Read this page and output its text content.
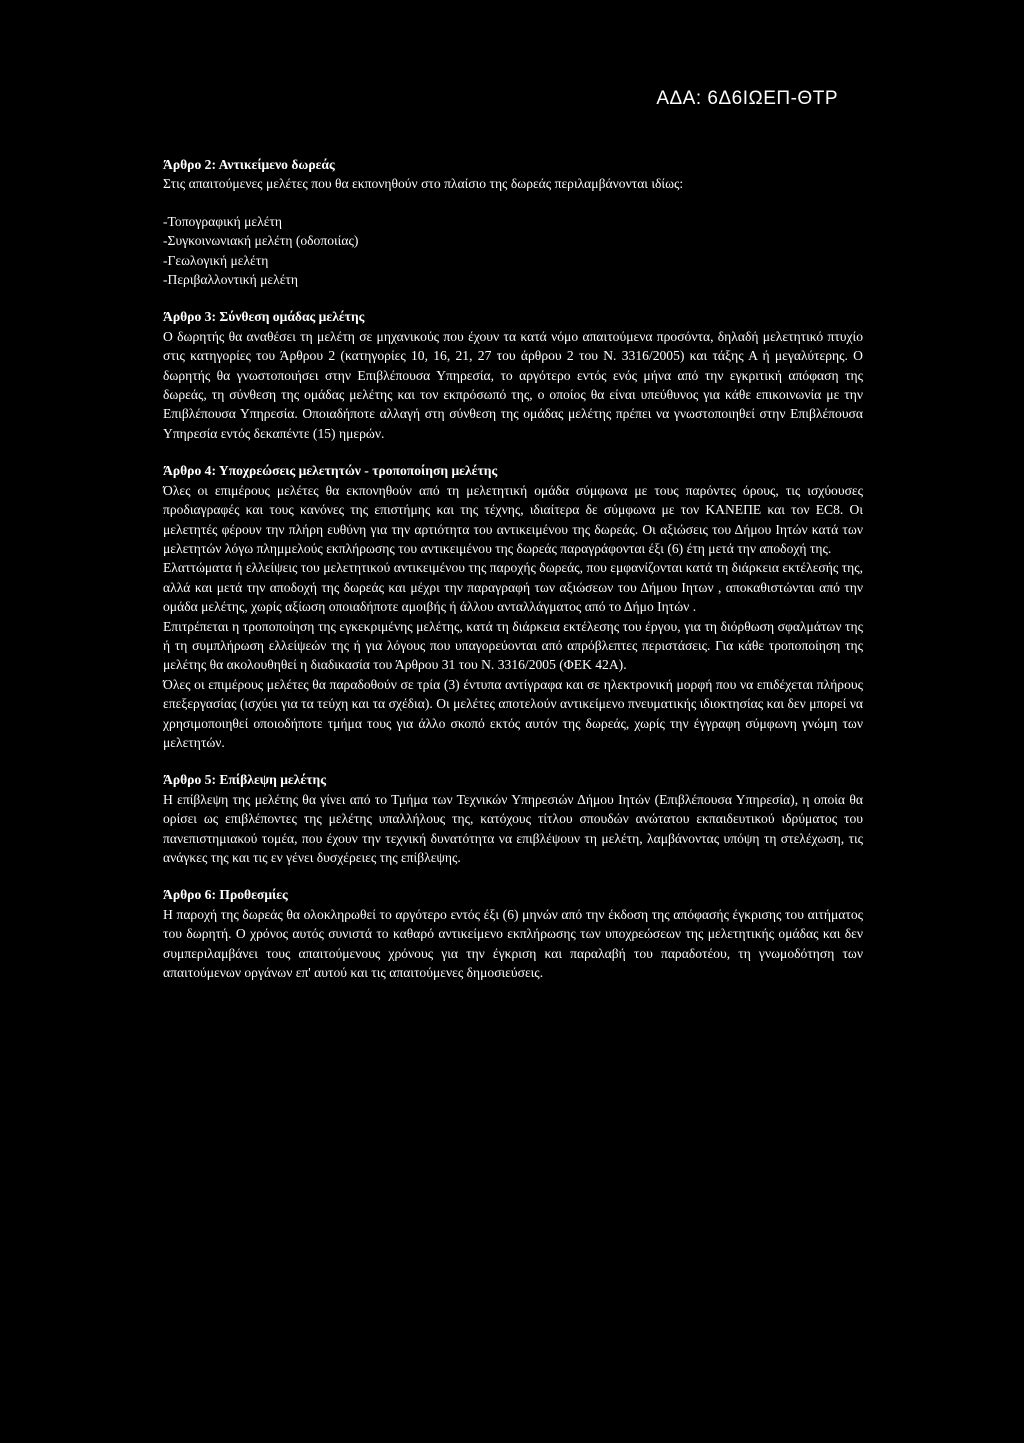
ΑΔΑ: 6Δ6ΙΩΕΠ-ΘΤΡ
Άρθρο 2: Αντικείμενο δωρεάς
Στις απαιτούμενες μελέτες που θα εκπονηθούν στο πλαίσιο της δωρεάς περιλαμβάνονται ιδίως:
-Τοπογραφική μελέτη
-Συγκοινωνιακή μελέτη (οδοποιίας)
-Γεωλογική μελέτη
-Περιβαλλοντική μελέτη
Άρθρο 3: Σύνθεση ομάδας μελέτης
Ο δωρητής θα αναθέσει τη μελέτη σε μηχανικούς που έχουν τα κατά νόμο απαιτούμενα προσόντα, δηλαδή μελετητικό πτυχίο στις κατηγορίες του Άρθρου 2 (κατηγορίες 10, 16, 21, 27 του άρθρου 2 του Ν. 3316/2005) και τάξης Α ή μεγαλύτερης. Ο δωρητής θα γνωστοποιήσει στην Επιβλέπουσα Υπηρεσία, το αργότερο εντός ενός μήνα από την εγκριτική απόφαση της δωρεάς, τη σύνθεση της ομάδας μελέτης και τον εκπρόσωπό της, ο οποίος θα είναι υπεύθυνος για κάθε επικοινωνία με την Επιβλέπουσα Υπηρεσία. Οποιαδήποτε αλλαγή στη σύνθεση της ομάδας μελέτης πρέπει να γνωστοποιηθεί στην Επιβλέπουσα Υπηρεσία εντός δεκαπέντε (15) ημερών.
Άρθρο 4: Υποχρεώσεις μελετητών - τροποποίηση μελέτης
Όλες οι επιμέρους μελέτες θα εκπονηθούν από τη μελετητική ομάδα σύμφωνα με τους παρόντες όρους, τις ισχύουσες προδιαγραφές και τους κανόνες της επιστήμης και της τέχνης, ιδιαίτερα δε σύμφωνα με τον ΚΑΝΕΠΕ και τον EC8. Οι μελετητές φέρουν την πλήρη ευθύνη για την αρτιότητα του αντικειμένου της δωρεάς. Οι αξιώσεις του Δήμου Ιητών κατά των μελετητών λόγω πλημμελούς εκπλήρωσης του αντικειμένου της δωρεάς παραγράφονται έξι (6) έτη μετά την αποδοχή της.
Ελαττώματα ή ελλείψεις του μελετητικού αντικειμένου της παροχής δωρεάς, που εμφανίζονται κατά τη διάρκεια εκτέλεσής της, αλλά και μετά την αποδοχή της δωρεάς και μέχρι την παραγραφή των αξιώσεων του Δήμου Ιητων , αποκαθιστώνται από την ομάδα μελέτης, χωρίς αξίωση οποιαδήποτε αμοιβής ή άλλου ανταλλάγματος από το Δήμο Ιητών .
Επιτρέπεται η τροποποίηση της εγκεκριμένης μελέτης, κατά τη διάρκεια εκτέλεσης του έργου, για τη διόρθωση σφαλμάτων της ή τη συμπλήρωση ελλείψεών της ή για λόγους που υπαγορεύονται από απρόβλεπτες περιστάσεις. Για κάθε τροποποίηση της μελέτης θα ακολουθηθεί η διαδικασία του Άρθρου 31 του Ν. 3316/2005 (ΦΕΚ 42Α).
Όλες οι επιμέρους μελέτες θα παραδοθούν σε τρία (3) έντυπα αντίγραφα και σε ηλεκτρονική μορφή που να επιδέχεται πλήρους επεξεργασίας (ισχύει για τα τεύχη και τα σχέδια). Οι μελέτες αποτελούν αντικείμενο πνευματικής ιδιοκτησίας και δεν μπορεί να χρησιμοποιηθεί οποιοδήποτε τμήμα τους για άλλο σκοπό εκτός αυτόν της δωρεάς, χωρίς την έγγραφη σύμφωνη γνώμη των μελετητών.
Άρθρο 5: Επίβλεψη μελέτης
Η επίβλεψη της μελέτης θα γίνει από το Τμήμα των Τεχνικών Υπηρεσιών Δήμου Ιητών (Επιβλέπουσα Υπηρεσία), η οποία θα ορίσει ως επιβλέποντες της μελέτης υπαλλήλους της, κατόχους τίτλου σπουδών ανώτατου εκπαιδευτικού ιδρύματος του πανεπιστημιακού τομέα, που έχουν την τεχνική δυνατότητα να επιβλέψουν τη μελέτη, λαμβάνοντας υπόψη τη στελέχωση, τις ανάγκες της και τις εν γένει δυσχέρειες της επίβλεψης.
Άρθρο 6: Προθεσμίες
Η παροχή της δωρεάς θα ολοκληρωθεί το αργότερο εντός έξι (6) μηνών από την έκδοση της απόφασής έγκρισης του αιτήματος του δωρητή. Ο χρόνος αυτός συνιστά το καθαρό αντικείμενο εκπλήρωσης των υποχρεώσεων της μελετητικής ομάδας και δεν συμπεριλαμβάνει τους απαιτούμενους χρόνους για την έγκριση και παραλαβή του παραδοτέου, τη γνωμοδότηση των απαιτούμενων οργάνων επ' αυτού και τις απαιτούμενες δημοσιεύσεις.
